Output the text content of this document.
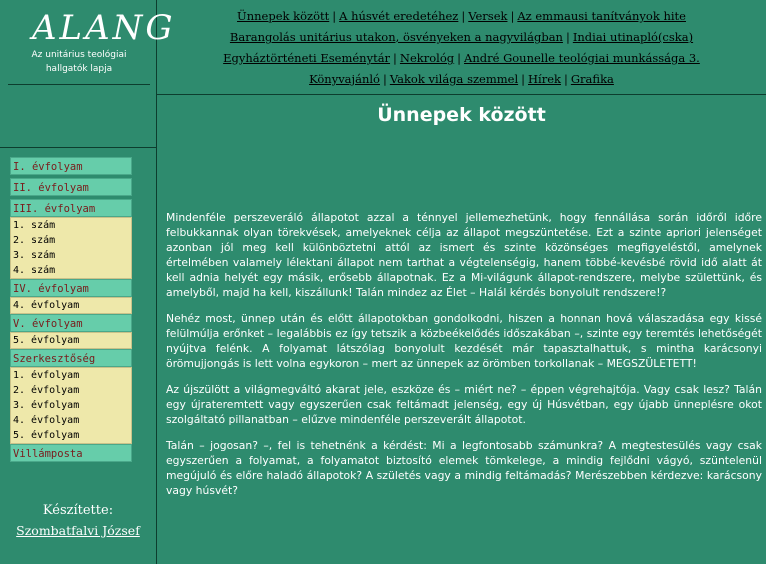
ALANG
Az unitárius teológiai
hallgatók lapja
I. évfolyam
II. évfolyam
III. évfolyam
1. szám
2. szám
3. szám
4. szám
IV. évfolyam
4. évfolyam
V. évfolyam
5. évfolyam
Szerkesztőség
1. évfolyam
2. évfolyam
3. évfolyam
4. évfolyam
5. évfolyam
Villámposta
Készítette:
Szombatfalvi József
Ünnepek között | A húsvét eredetéhez | Versek | Az emmausi tanítványok hite
Barangolás unitárius utakon, ösvényeken a nagyvilágban | Indiai utinapló(cska)
Egyháztörténeti Eseménytár | Nekrológ | André Gounelle teológiai munkássága 3.
Könyvajánló | Vakok világa szemmel | Hírek | Grafika
Ünnepek között

Mindenféle perszeveráló állapotot azzal a ténnyel jellemezhetünk, hogy fennállása során időről időre felbukkannak olyan törekvések, amelyeknek célja az állapot megszüntetése. Ezt a szinte apriori jelenséget azonban jól meg kell különböztetni attól az ismert és szinte közönséges megfigyeléstől, amelynek értelmében valamely lélektani állapot nem tarthat a végtelenségig, hanem többé-kevésbé rövid idő alatt át kell adnia helyét egy másik, erősebb állapotnak. Ez a Mi-világunk állapot-rendszere, melybe születtünk, és amelyből, majd ha kell, kiszállunk! Talán mindez az Élet – Halál kérdés bonyolult rendszere!?

Nehéz most, ünnep után és előtt állapotokban gondolkodni, hiszen a honnan hová válaszadása egy kissé felülmúlja erőnket – legalábbis ez így tetszik a közbeékelődés időszakában –, szinte egy teremtés lehetőségét nyújtva felénk. A folyamat látszólag bonyolult kezdését már tapasztalhattuk, s mintha karácsonyi örömujjongás is lett volna egykoron – mert az ünnepek az örömben torkollanak – MEGSZÜLETETT!

Az újszülött a világmegváltó akarat jele, eszköze és – miért ne? – éppen végrehajtója. Vagy csak lesz? Talán egy újrateremtett vagy egyszerűen csak feltámadt jelenség, egy új Húsvétban, egy újabb ünneplésre okot szolgáltató pillanatban – elűzve mindenféle perszeverált állapotot.

Talán – jogosan? –, fel is tehetnénk a kérdést: Mi a legfontosabb számunkra? A megtestesülés vagy csak egyszerűen a folyamat, a folyamatot biztosító elemek tömkelege, a mindig fejlődni vágyó, szüntelenül megújuló és előre haladó állapotok? A születés vagy a mindig feltámadás? Merészebben kérdezve: karácsony vagy húsvét?
